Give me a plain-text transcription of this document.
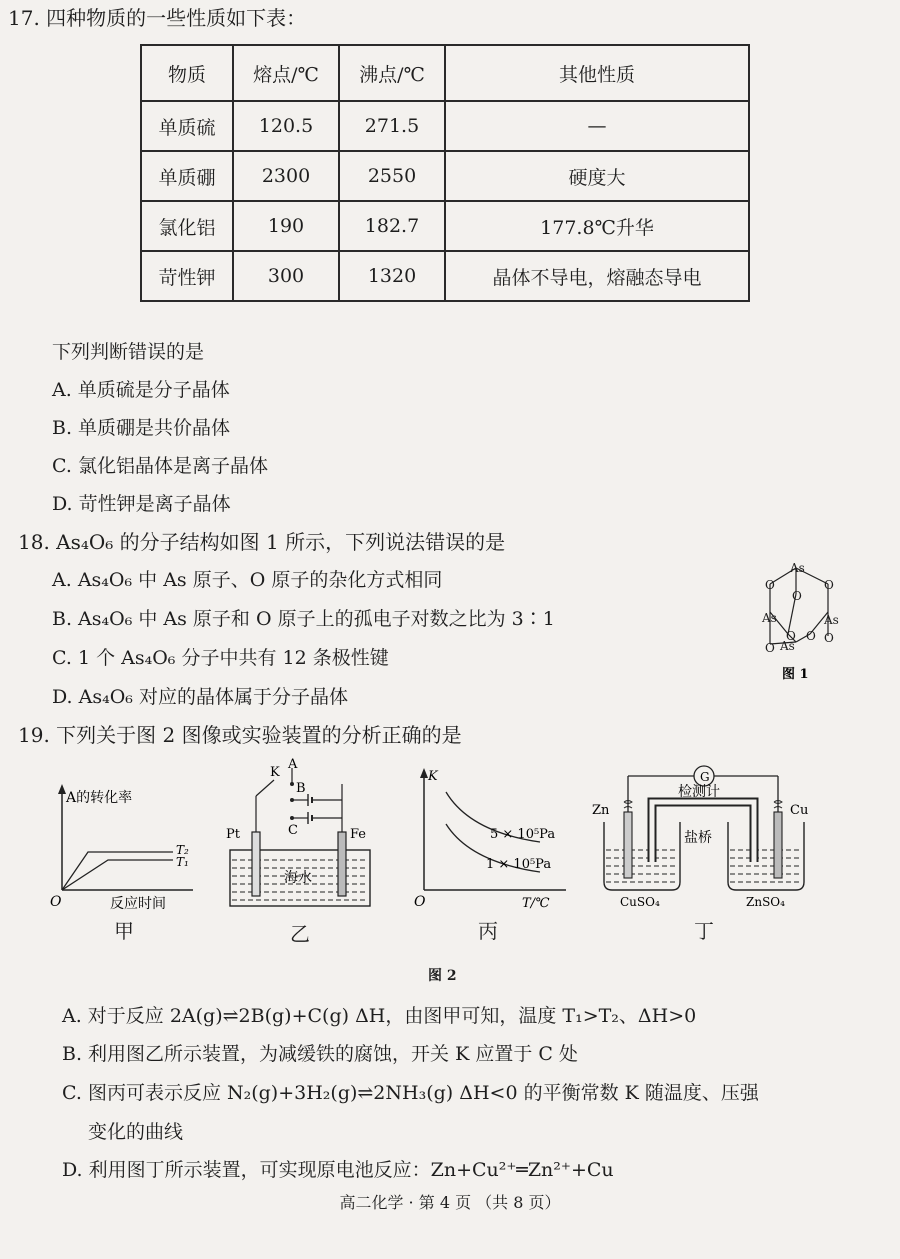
17. 四种物质的一些性质如下表：
物质	熔点/℃	沸点/℃	其他性质
单质硫	120.5	271.5	—
单质硼	2300	2550	硬度大
氯化铝	190	182.7	177.8℃升华
苛性钾	300	1320	晶体不导电，熔融态导电
下列判断错误的是
A. 单质硫是分子晶体
B. 单质硼是共价晶体
C. 氯化铝晶体是离子晶体
D. 苛性钾是离子晶体
18. As₄O₆ 的分子结构如图 1 所示，下列说法错误的是
A. As₄O₆ 中 As 原子、O 原子的杂化方式相同
B. As₄O₆ 中 As 原子和 O 原子上的孤电子对数之比为 3∶1
C. 1 个 As₄O₆ 分子中共有 12 条极性键
D. As₄O₆ 对应的晶体属于分子晶体
As
O	O
O
As	As
O O O
As
O
图 1
19. 下列关于图 2 图像或实验装置的分析正确的是
A的转化率
T₂
T₁
O	反应时间
甲
A
B
C
K
Pt	Fe
海水
乙
K
5 × 10⁵Pa
1 × 10⁵Pa
O	T/℃
丙
G
检测计
盐桥
Zn	Cu
CuSO₄	ZnSO₄
丁
图 2
A. 对于反应 2A(g)⇌2B(g)+C(g) ΔH，由图甲可知，温度 T₁>T₂、ΔH>0
B. 利用图乙所示装置，为减缓铁的腐蚀，开关 K 应置于 C 处
C. 图丙可表示反应 N₂(g)+3H₂(g)⇌2NH₃(g) ΔH<0 的平衡常数 K 随温度、压强
变化的曲线
D. 利用图丁所示装置，可实现原电池反应：Zn+Cu²⁺═Zn²⁺+Cu
高二化学 · 第 4 页 （共 8 页）
